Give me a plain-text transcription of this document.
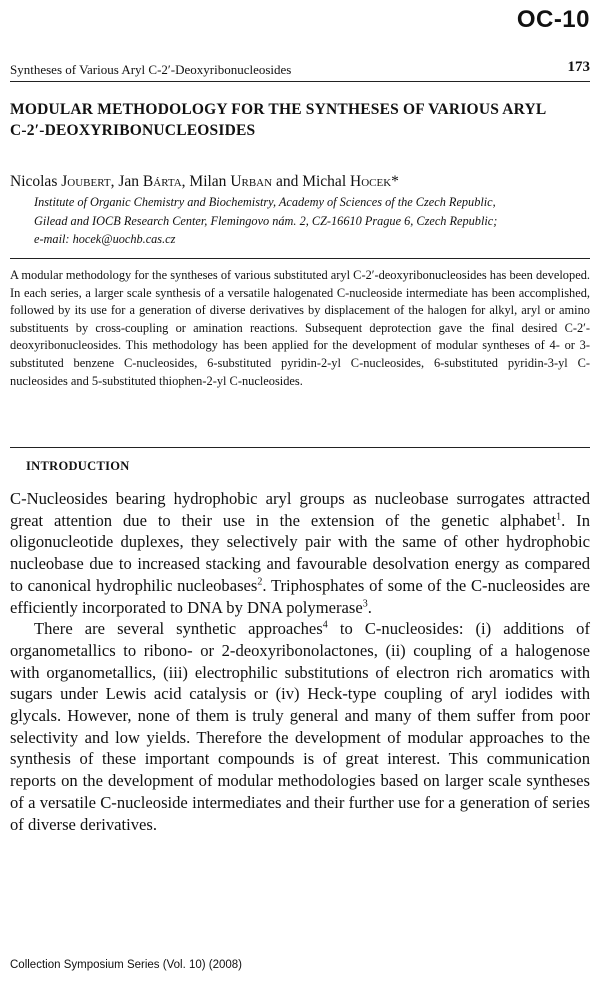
OC-10
Syntheses of Various Aryl C-2′-Deoxyribonucleosides	173
MODULAR METHODOLOGY FOR THE SYNTHESES OF VARIOUS ARYL
C-2′-DEOXYRIBONUCLEOSIDES
Nicolas Joubert, Jan Bárta, Milan Urban and Michal Hocek*
Institute of Organic Chemistry and Biochemistry, Academy of Sciences of the Czech Republic,
Gilead and IOCB Research Center, Flemingovo nám. 2, CZ-16610 Prague 6, Czech Republic;
e-mail: hocek@uochb.cas.cz
A modular methodology for the syntheses of various substituted aryl C-2′-deoxyribonucleosides has been developed. In each series, a larger scale synthesis of a versatile halogenated C-nucleoside intermediate has been accomplished, followed by its use for a generation of diverse derivatives by displacement of the halogen for alkyl, aryl or amino substituents by cross-coupling or amination reactions. Subsequent deprotection gave the final desired C-2′-deoxyribonucleosides. This methodology has been applied for the development of modular syntheses of 4- or 3-substituted benzene C-nucleosides, 6-substituted pyridin-2-yl C-nucleosides, 6-substituted pyridin-3-yl C-nucleosides and 5-substituted thiophen-2-yl C-nucleosides.
INTRODUCTION

C-Nucleosides bearing hydrophobic aryl groups as nucleobase surrogates attracted great attention due to their use in the extension of the genetic alphabet$^1$. In oligonucleotide duplexes, they selectively pair with the same of other hydrophobic nucleobase due to increased stacking and favourable desolvation energy as compared to canonical hydrophilic nucleobases$^2$. Triphosphates of some of the C-nucleosides are efficiently incorporated to DNA by DNA polymerase$^3$.

There are several synthetic approaches$^4$ to C-nucleosides: (i) additions of organometallics to ribono- or 2-deoxyribonolactones, (ii) coupling of a halogenose with organometallics, (iii) electrophilic substitutions of electron rich aromatics with sugars under Lewis acid catalysis or (iv) Heck-type coupling of aryl iodides with glycals. However, none of them is truly general and many of them suffer from poor selectivity and low yields. Therefore the development of modular approaches to the synthesis of these important compounds is of great interest. This communication reports on the development of modular methodologies based on larger scale syntheses of a versatile C-nucleoside intermediates and their further use for a generation of series of diverse derivatives.

Collection Symposium Series (Vol. 10) (2008)
